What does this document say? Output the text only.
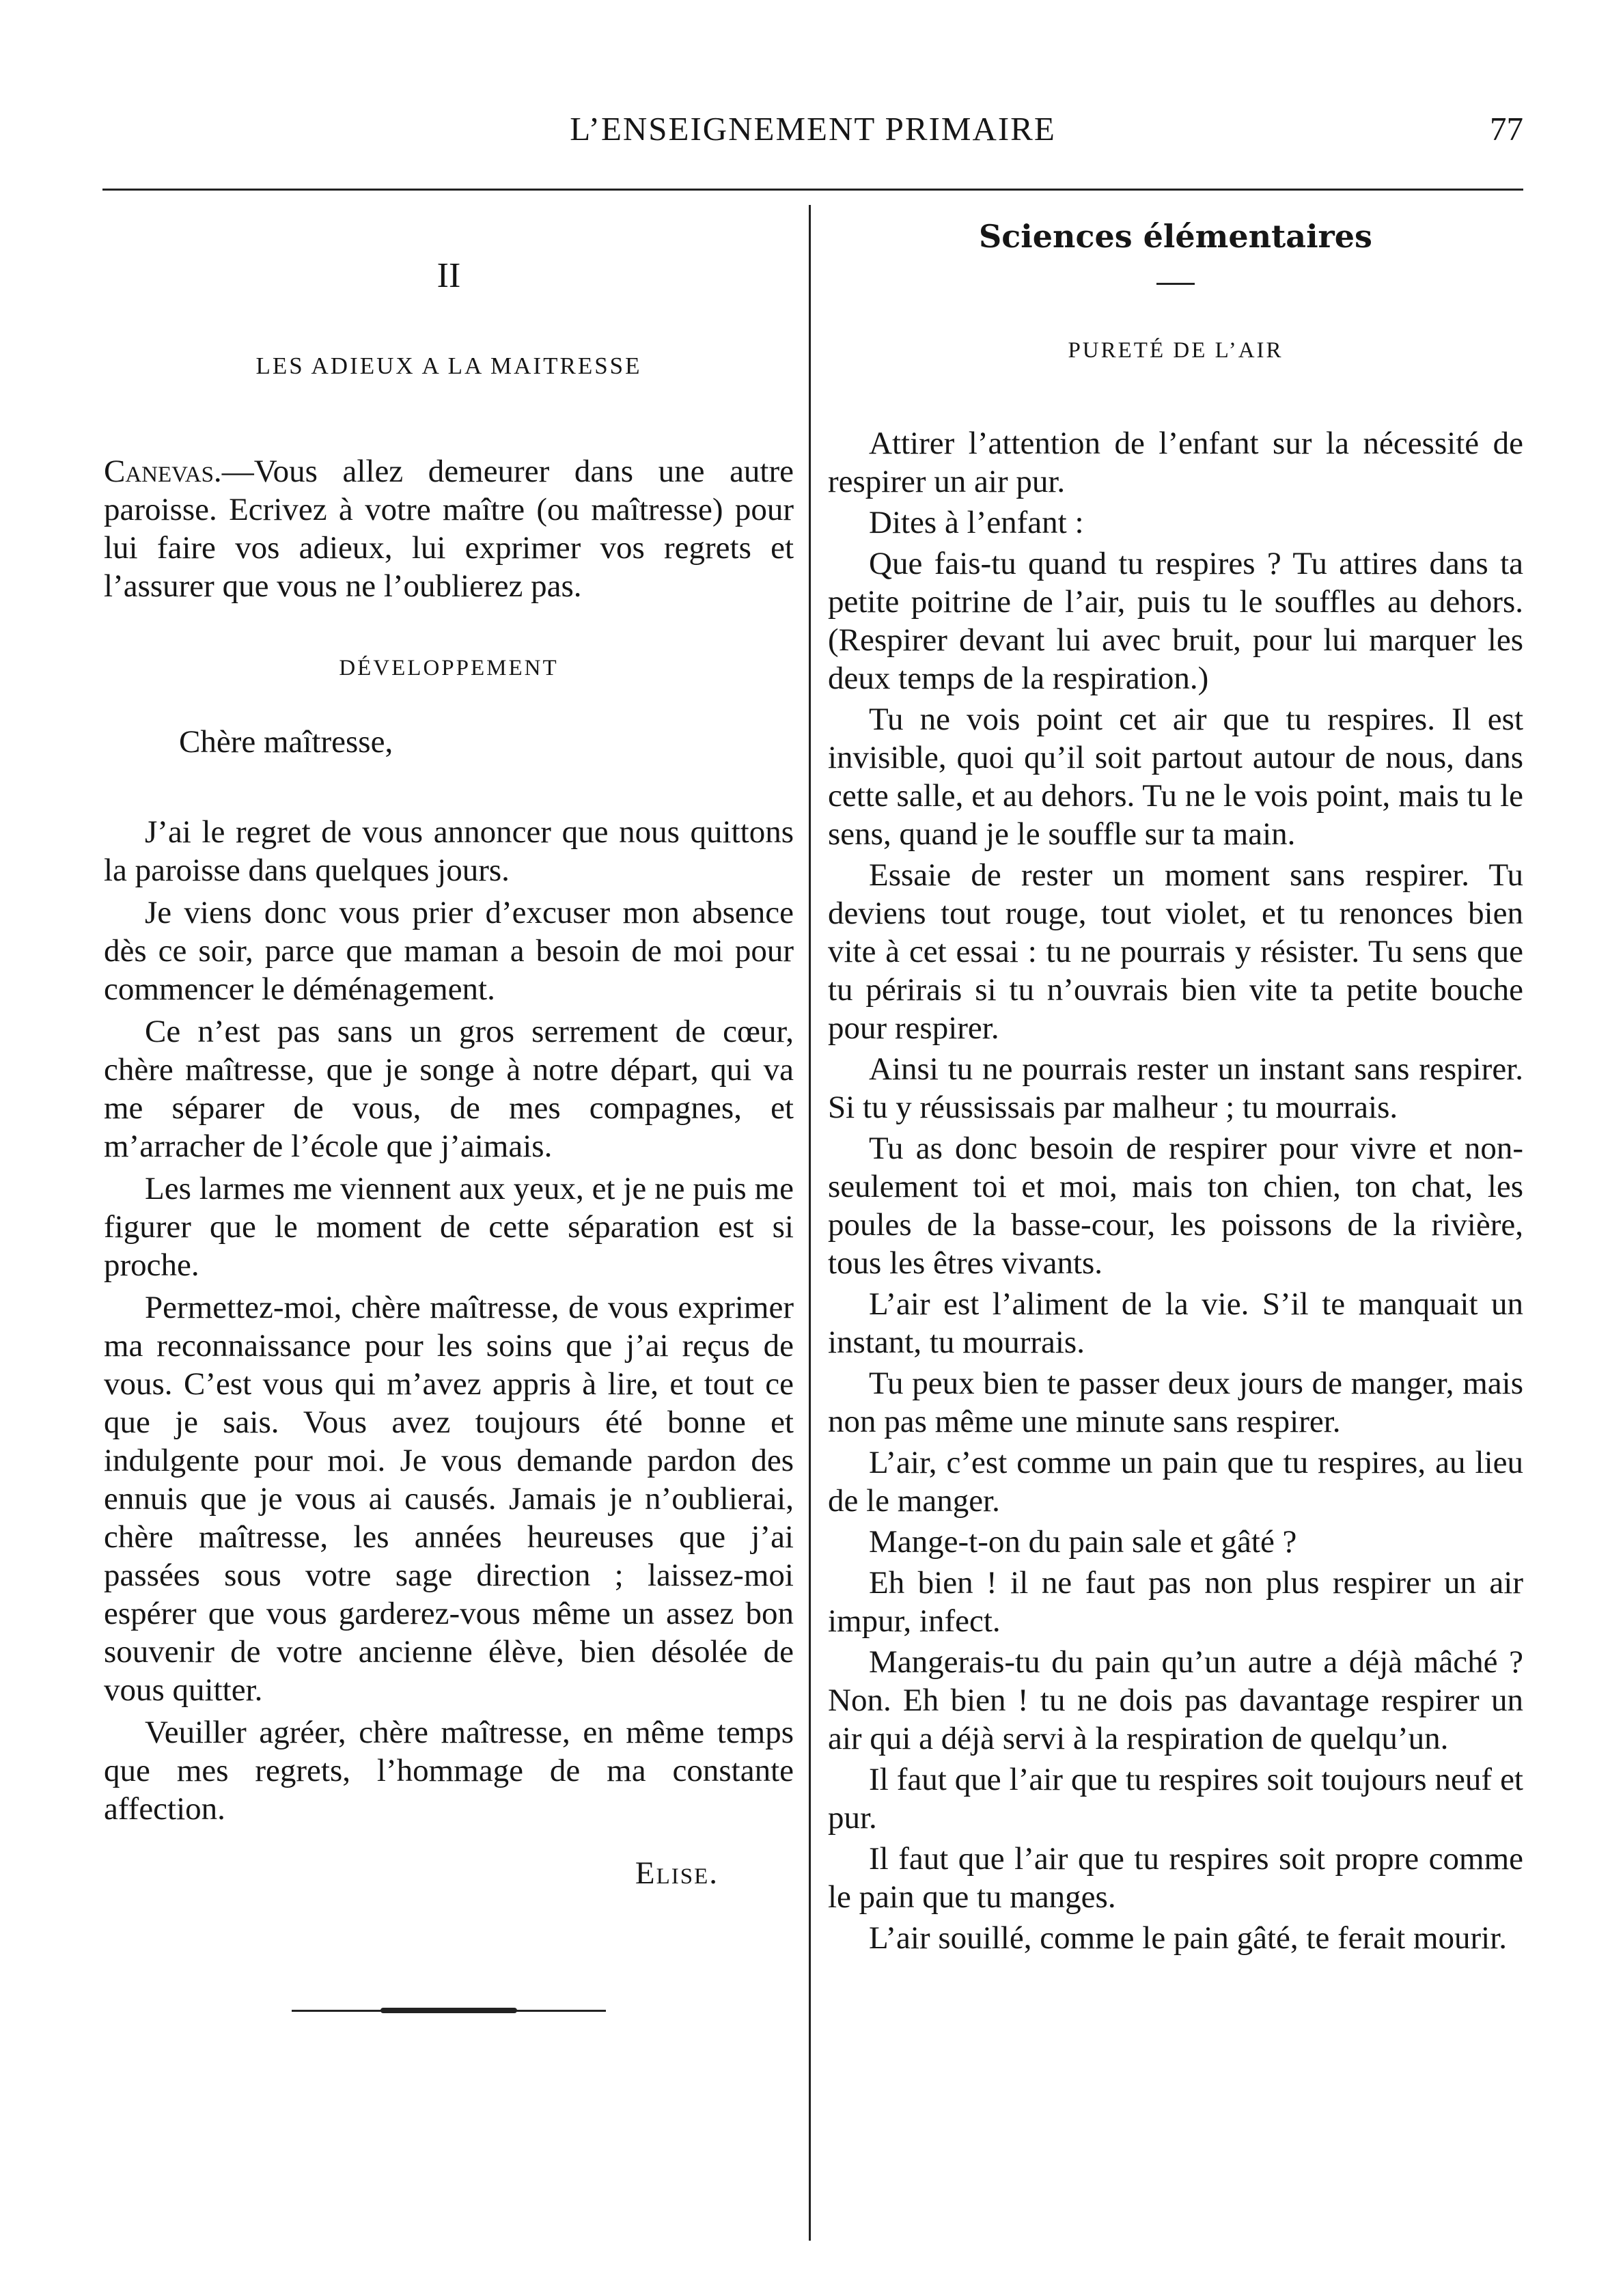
L’ENSEIGNEMENT PRIMAIRE	77
II
LES ADIEUX A LA MAITRESSE

Canevas.—Vous allez demeurer dans une autre paroisse. Ecrivez à votre maître (ou maîtresse) pour lui faire vos adieux, lui exprimer vos regrets et l’assurer que vous ne l’oublierez pas.

DÉVELOPPEMENT

Chère maîtresse,

J’ai le regret de vous annoncer que nous quittons la paroisse dans quelques jours.

Je viens donc vous prier d’excuser mon absence dès ce soir, parce que maman a besoin de moi pour commencer le déménagement.

Ce n’est pas sans un gros serrement de cœur, chère maîtresse, que je songe à notre départ, qui va me séparer de vous, de mes compagnes, et m’arracher de l’école que j’aimais.

Les larmes me viennent aux yeux, et je ne puis me figurer que le moment de cette séparation est si proche.

Permettez-moi, chère maîtresse, de vous exprimer ma reconnaissance pour les soins que j’ai reçus de vous. C’est vous qui m’avez appris à lire, et tout ce que je sais. Vous avez toujours été bonne et indulgente pour moi. Je vous demande pardon des ennuis que je vous ai causés. Jamais je n’oublierai, chère maîtresse, les années heureuses que j’ai passées sous votre sage direction ; laissez-moi espérer que vous garderez-vous même un assez bon souvenir de votre ancienne élève, bien désolée de vous quitter.

Veuiller agréer, chère maîtresse, en même temps que mes regrets, l’hommage de ma constante affection.

Elise.
Sciences élémentaires
PURETÉ DE L’AIR

Attirer l’attention de l’enfant sur la nécessité de respirer un air pur.

Dites à l’enfant :

Que fais-tu quand tu respires ? Tu attires dans ta petite poitrine de l’air, puis tu le souffles au dehors. (Respirer devant lui avec bruit, pour lui marquer les deux temps de la respiration.)

Tu ne vois point cet air que tu respires. Il est invisible, quoi qu’il soit partout autour de nous, dans cette salle, et au dehors. Tu ne le vois point, mais tu le sens, quand je le souffle sur ta main.

Essaie de rester un moment sans respirer. Tu deviens tout rouge, tout violet, et tu renonces bien vite à cet essai : tu ne pourrais y résister. Tu sens que tu périrais si tu n’ouvrais bien vite ta petite bouche pour respirer.

Ainsi tu ne pourrais rester un instant sans respirer. Si tu y réussissais par malheur ; tu mourrais.

Tu as donc besoin de respirer pour vivre et non-seulement toi et moi, mais ton chien, ton chat, les poules de la basse-cour, les poissons de la rivière, tous les êtres vivants.

L’air est l’aliment de la vie. S’il te manquait un instant, tu mourrais.

Tu peux bien te passer deux jours de manger, mais non pas même une minute sans respirer.

L’air, c’est comme un pain que tu respires, au lieu de le manger.

Mange-t-on du pain sale et gâté ?

Eh bien ! il ne faut pas non plus respirer un air impur, infect.

Mangerais-tu du pain qu’un autre a déjà mâché ? Non. Eh bien ! tu ne dois pas davantage respirer un air qui a déjà servi à la respiration de quelqu’un.

Il faut que l’air que tu respires soit toujours neuf et pur.

Il faut que l’air que tu respires soit propre comme le pain que tu manges.

L’air souillé, comme le pain gâté, te ferait mourir.
